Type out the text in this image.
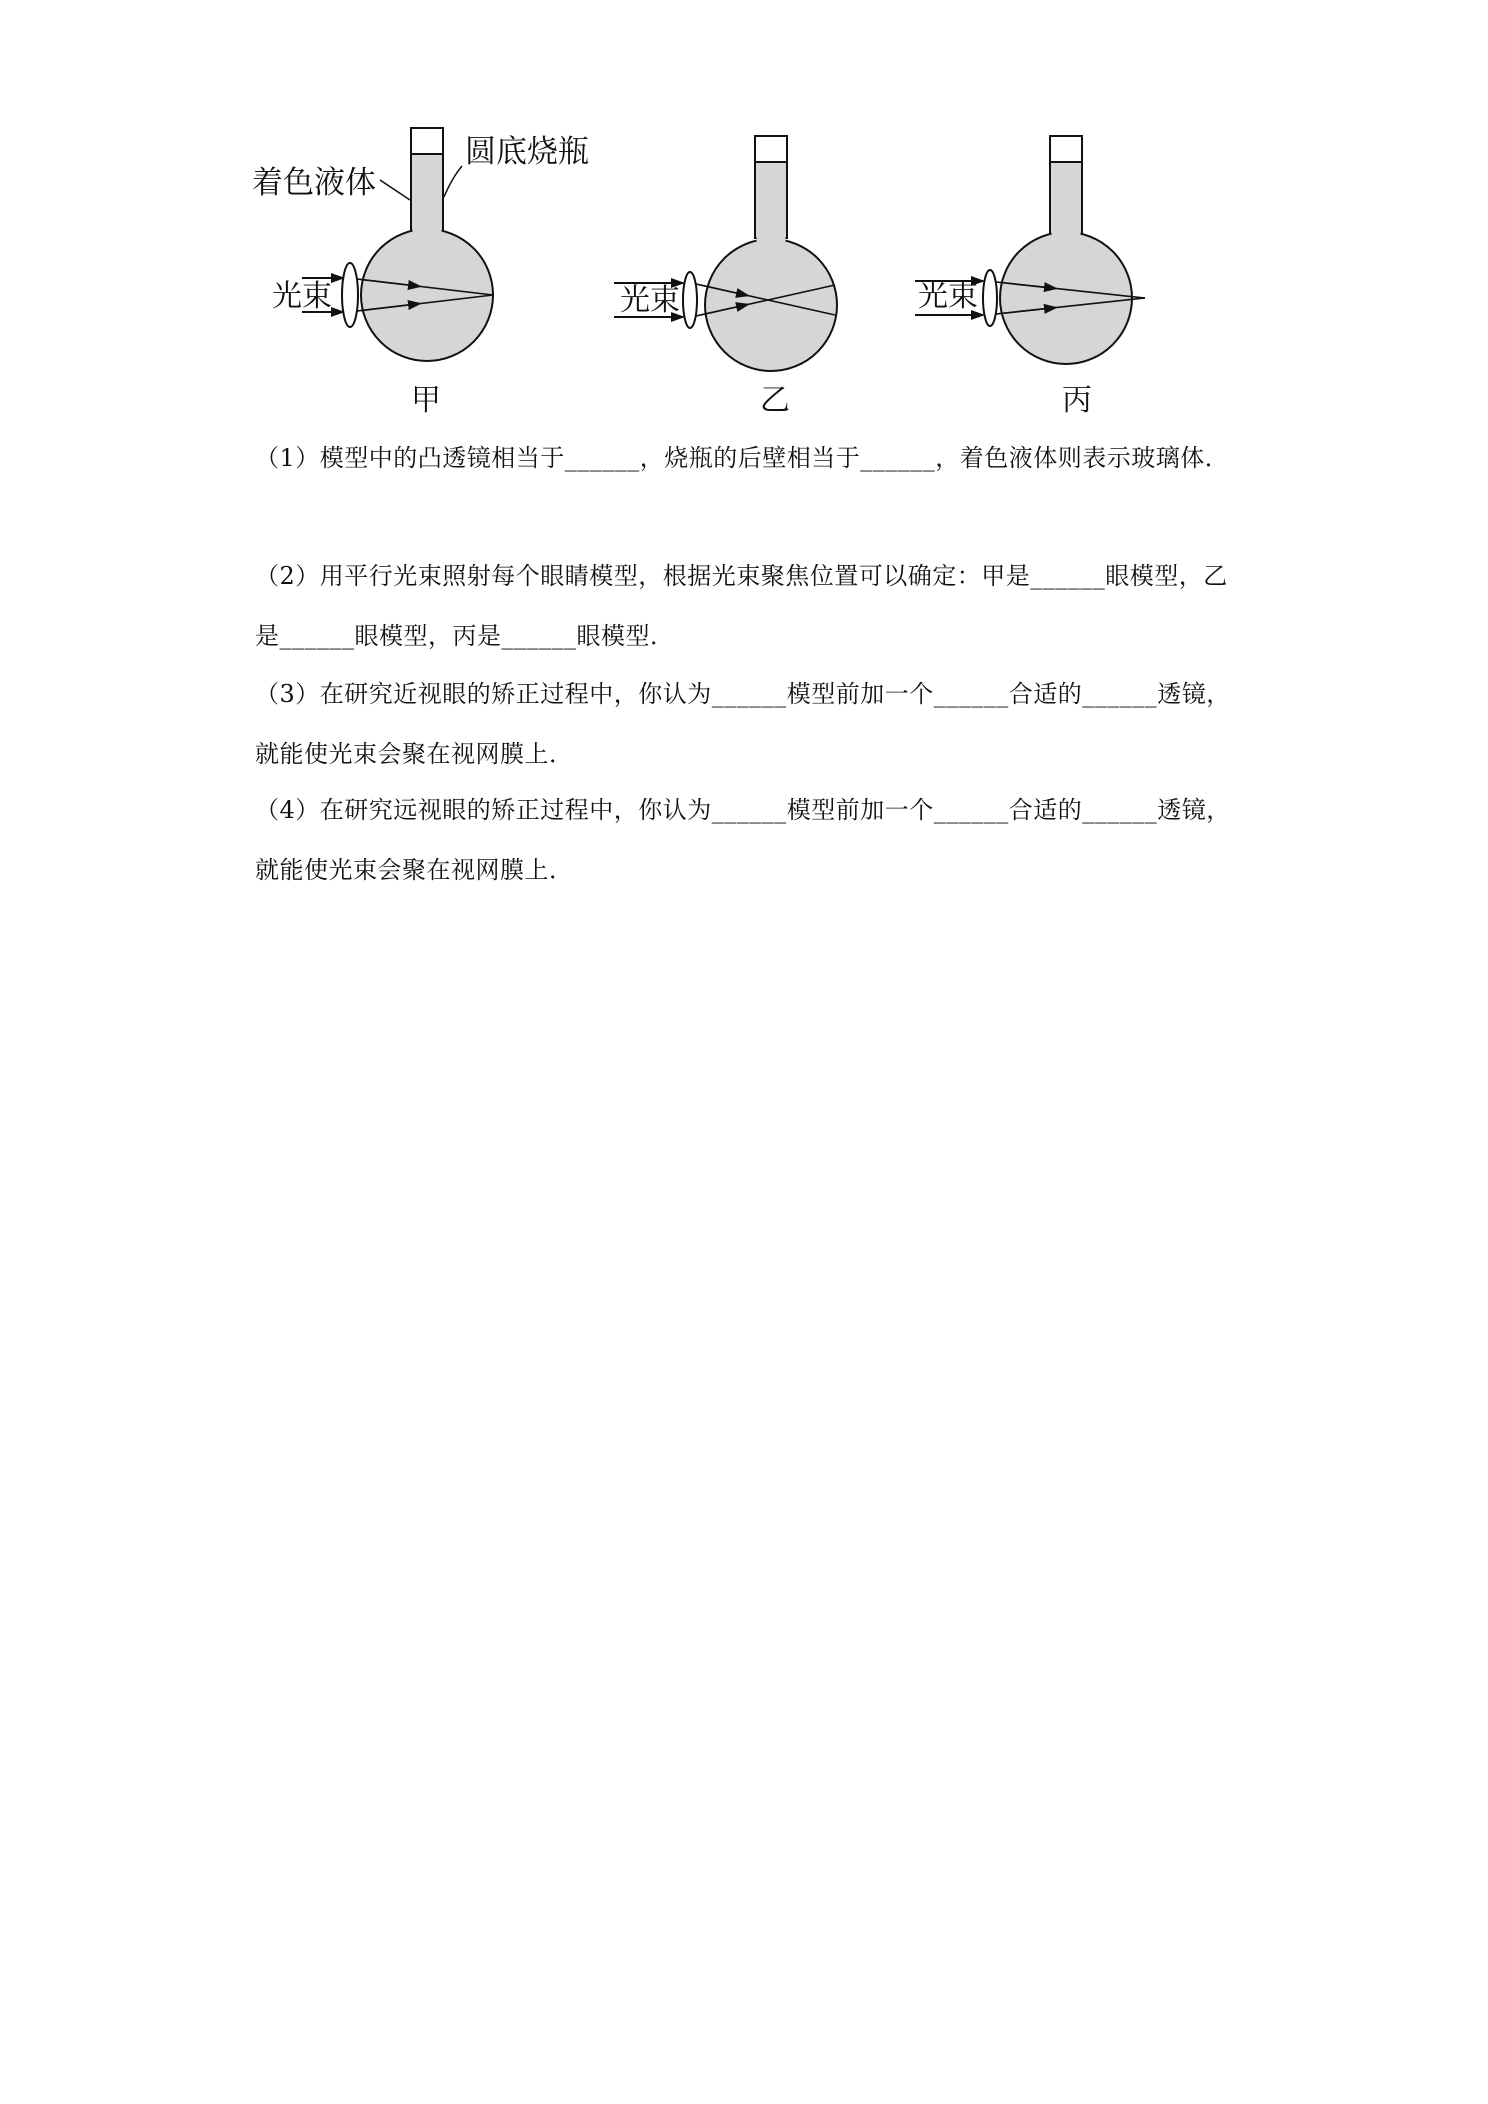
着色液体
圆底烧瓶
光束
甲
光束
乙
光束
丙
（1）模型中的凸透镜相当于______，烧瓶的后壁相当于______，着色液体则表示玻璃体．
（2）用平行光束照射每个眼睛模型，根据光束聚焦位置可以确定：甲是______眼模型，乙是______眼模型，丙是______眼模型．
（3）在研究近视眼的矫正过程中，你认为______模型前加一个______合适的______透镜，就能使光束会聚在视网膜上．
（4）在研究远视眼的矫正过程中，你认为______模型前加一个______合适的______透镜，就能使光束会聚在视网膜上．
